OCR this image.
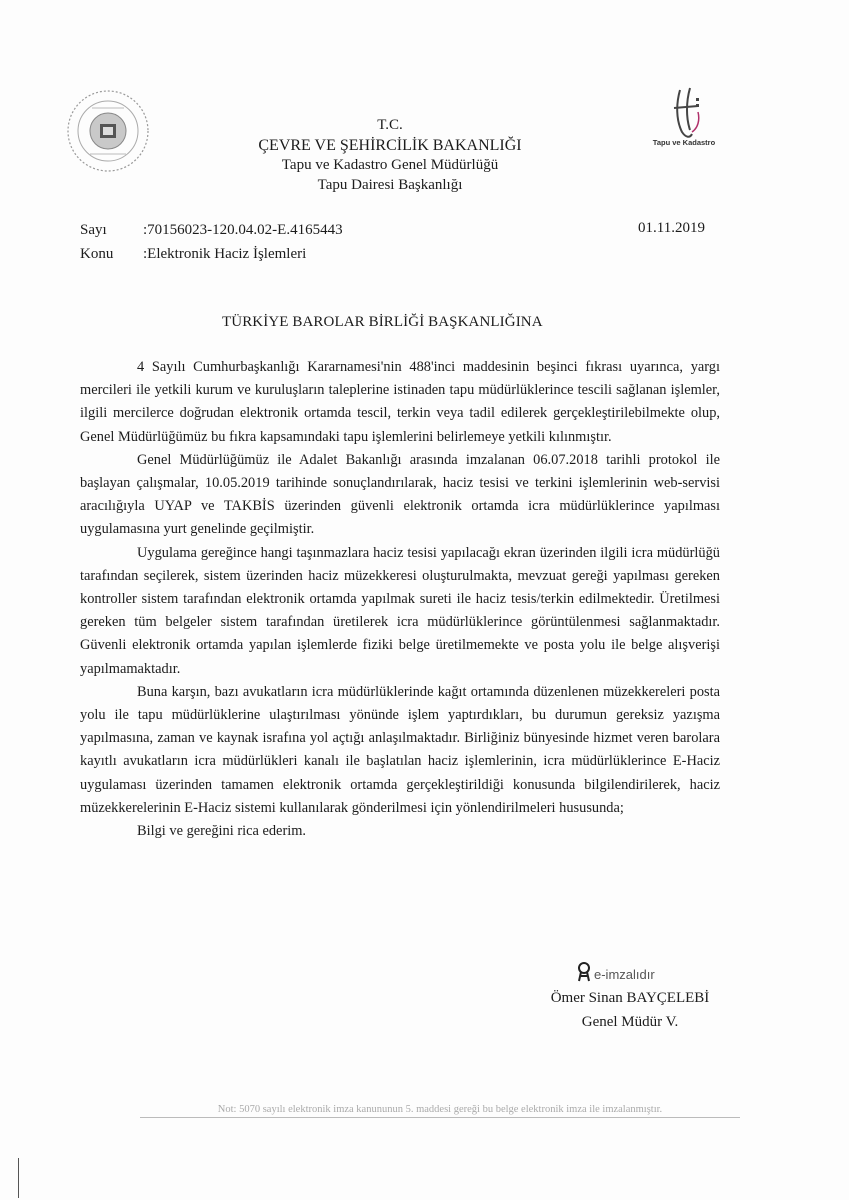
Tapu ve Kadastro
T.C.
ÇEVRE VE ŞEHİRCİLİK BAKANLIĞI
Tapu ve Kadastro Genel Müdürlüğü
Tapu Dairesi Başkanlığı
Sayı :70156023-120.04.02-E.4165443
Konu :Elektronik Haciz İşlemleri
01.11.2019
TÜRKİYE BAROLAR BİRLİĞİ BAŞKANLIĞINA

4 Sayılı Cumhurbaşkanlığı Kararnamesi'nin 488'inci maddesinin beşinci fıkrası uyarınca, yargı mercileri ile yetkili kurum ve kuruluşların taleplerine istinaden tapu müdürlüklerince tescili sağlanan işlemler, ilgili mercilerce doğrudan elektronik ortamda tescil, terkin veya tadil edilerek gerçekleştirilebilmekte olup, Genel Müdürlüğümüz bu fıkra kapsamındaki tapu işlemlerini belirlemeye yetkili kılınmıştır.

Genel Müdürlüğümüz ile Adalet Bakanlığı arasında imzalanan 06.07.2018 tarihli protokol ile başlayan çalışmalar, 10.05.2019 tarihinde sonuçlandırılarak, haciz tesisi ve terkini işlemlerinin web-servisi aracılığıyla UYAP ve TAKBİS üzerinden güvenli elektronik ortamda icra müdürlüklerince yapılması uygulamasına yurt genelinde geçilmiştir.

Uygulama gereğince hangi taşınmazlara haciz tesisi yapılacağı ekran üzerinden ilgili icra müdürlüğü tarafından seçilerek, sistem üzerinden haciz müzekkeresi oluşturulmakta, mevzuat gereği yapılması gereken kontroller sistem tarafından elektronik ortamda yapılmak sureti ile haciz tesis/terkin edilmektedir. Üretilmesi gereken tüm belgeler sistem tarafından üretilerek icra müdürlüklerince görüntülenmesi sağlanmaktadır. Güvenli elektronik ortamda yapılan işlemlerde fiziki belge üretilmemekte ve posta yolu ile belge alışverişi yapılmamaktadır.

Buna karşın, bazı avukatların icra müdürlüklerinde kağıt ortamında düzenlenen müzekkereleri posta yolu ile tapu müdürlüklerine ulaştırılması yönünde işlem yaptırdıkları, bu durumun gereksiz yazışma yapılmasına, zaman ve kaynak israfına yol açtığı anlaşılmaktadır. Birliğiniz bünyesinde hizmet veren barolara kayıtlı avukatların icra müdürlükleri kanalı ile başlatılan haciz işlemlerinin, icra müdürlüklerince E-Haciz uygulaması üzerinden tamamen elektronik ortamda gerçekleştirildiği konusunda bilgilendirilerek, haciz müzekkerelerinin E-Haciz sistemi kullanılarak gönderilmesi için yönlendirilmeleri hususunda;

Bilgi ve gereğini rica ederim.

e-imzalıdır
Ömer Sinan BAYÇELEBİ
Genel Müdür V.
Not: 5070 sayılı elektronik imza kanununun 5. maddesi gereği bu belge elektronik imza ile imzalanmıştır.
